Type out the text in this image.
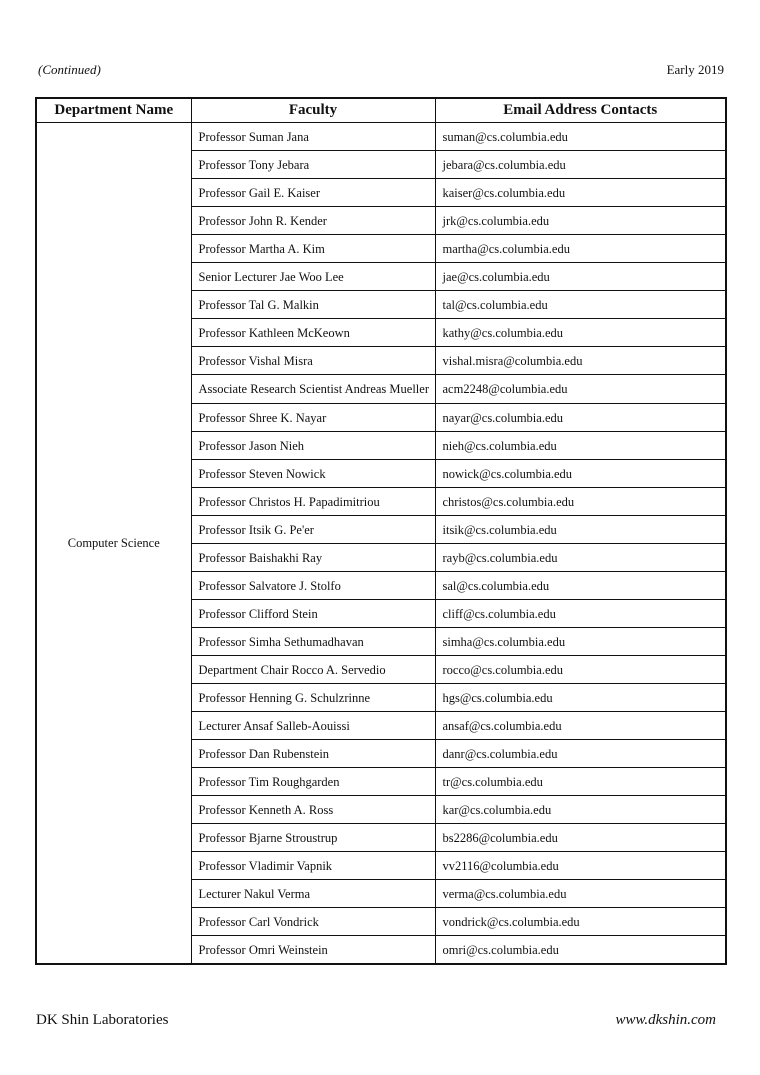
(Continued)	Early 2019
Department Name	Faculty	Email Address Contacts
Computer Science	Professor Suman Jana	suman@cs.columbia.edu
	Professor Tony Jebara	jebara@cs.columbia.edu
	Professor Gail E. Kaiser	kaiser@cs.columbia.edu
	Professor John R. Kender	jrk@cs.columbia.edu
	Professor Martha A. Kim	martha@cs.columbia.edu
	Senior Lecturer Jae Woo Lee	jae@cs.columbia.edu
	Professor Tal G. Malkin	tal@cs.columbia.edu
	Professor Kathleen McKeown	kathy@cs.columbia.edu
	Professor Vishal Misra	vishal.misra@columbia.edu
	Associate Research Scientist Andreas Mueller	acm2248@columbia.edu
	Professor Shree K. Nayar	nayar@cs.columbia.edu
	Professor Jason Nieh	nieh@cs.columbia.edu
	Professor Steven Nowick	nowick@cs.columbia.edu
	Professor Christos H. Papadimitriou	christos@cs.columbia.edu
	Professor Itsik G. Pe'er	itsik@cs.columbia.edu
	Professor Baishakhi Ray	rayb@cs.columbia.edu
	Professor Salvatore J. Stolfo	sal@cs.columbia.edu
	Professor Clifford Stein	cliff@cs.columbia.edu
	Professor Simha Sethumadhavan	simha@cs.columbia.edu
	Department Chair Rocco A. Servedio	rocco@cs.columbia.edu
	Professor Henning G. Schulzrinne	hgs@cs.columbia.edu
	Lecturer Ansaf Salleb-Aouissi	ansaf@cs.columbia.edu
	Professor Dan Rubenstein	danr@cs.columbia.edu
	Professor Tim Roughgarden	tr@cs.columbia.edu
	Professor Kenneth A. Ross	kar@cs.columbia.edu
	Professor Bjarne Stroustrup	bs2286@columbia.edu
	Professor Vladimir Vapnik	vv2116@columbia.edu
	Lecturer Nakul Verma	verma@cs.columbia.edu
	Professor Carl Vondrick	vondrick@cs.columbia.edu
	Professor Omri Weinstein	omri@cs.columbia.edu
DK Shin Laboratories	www.dkshin.com
